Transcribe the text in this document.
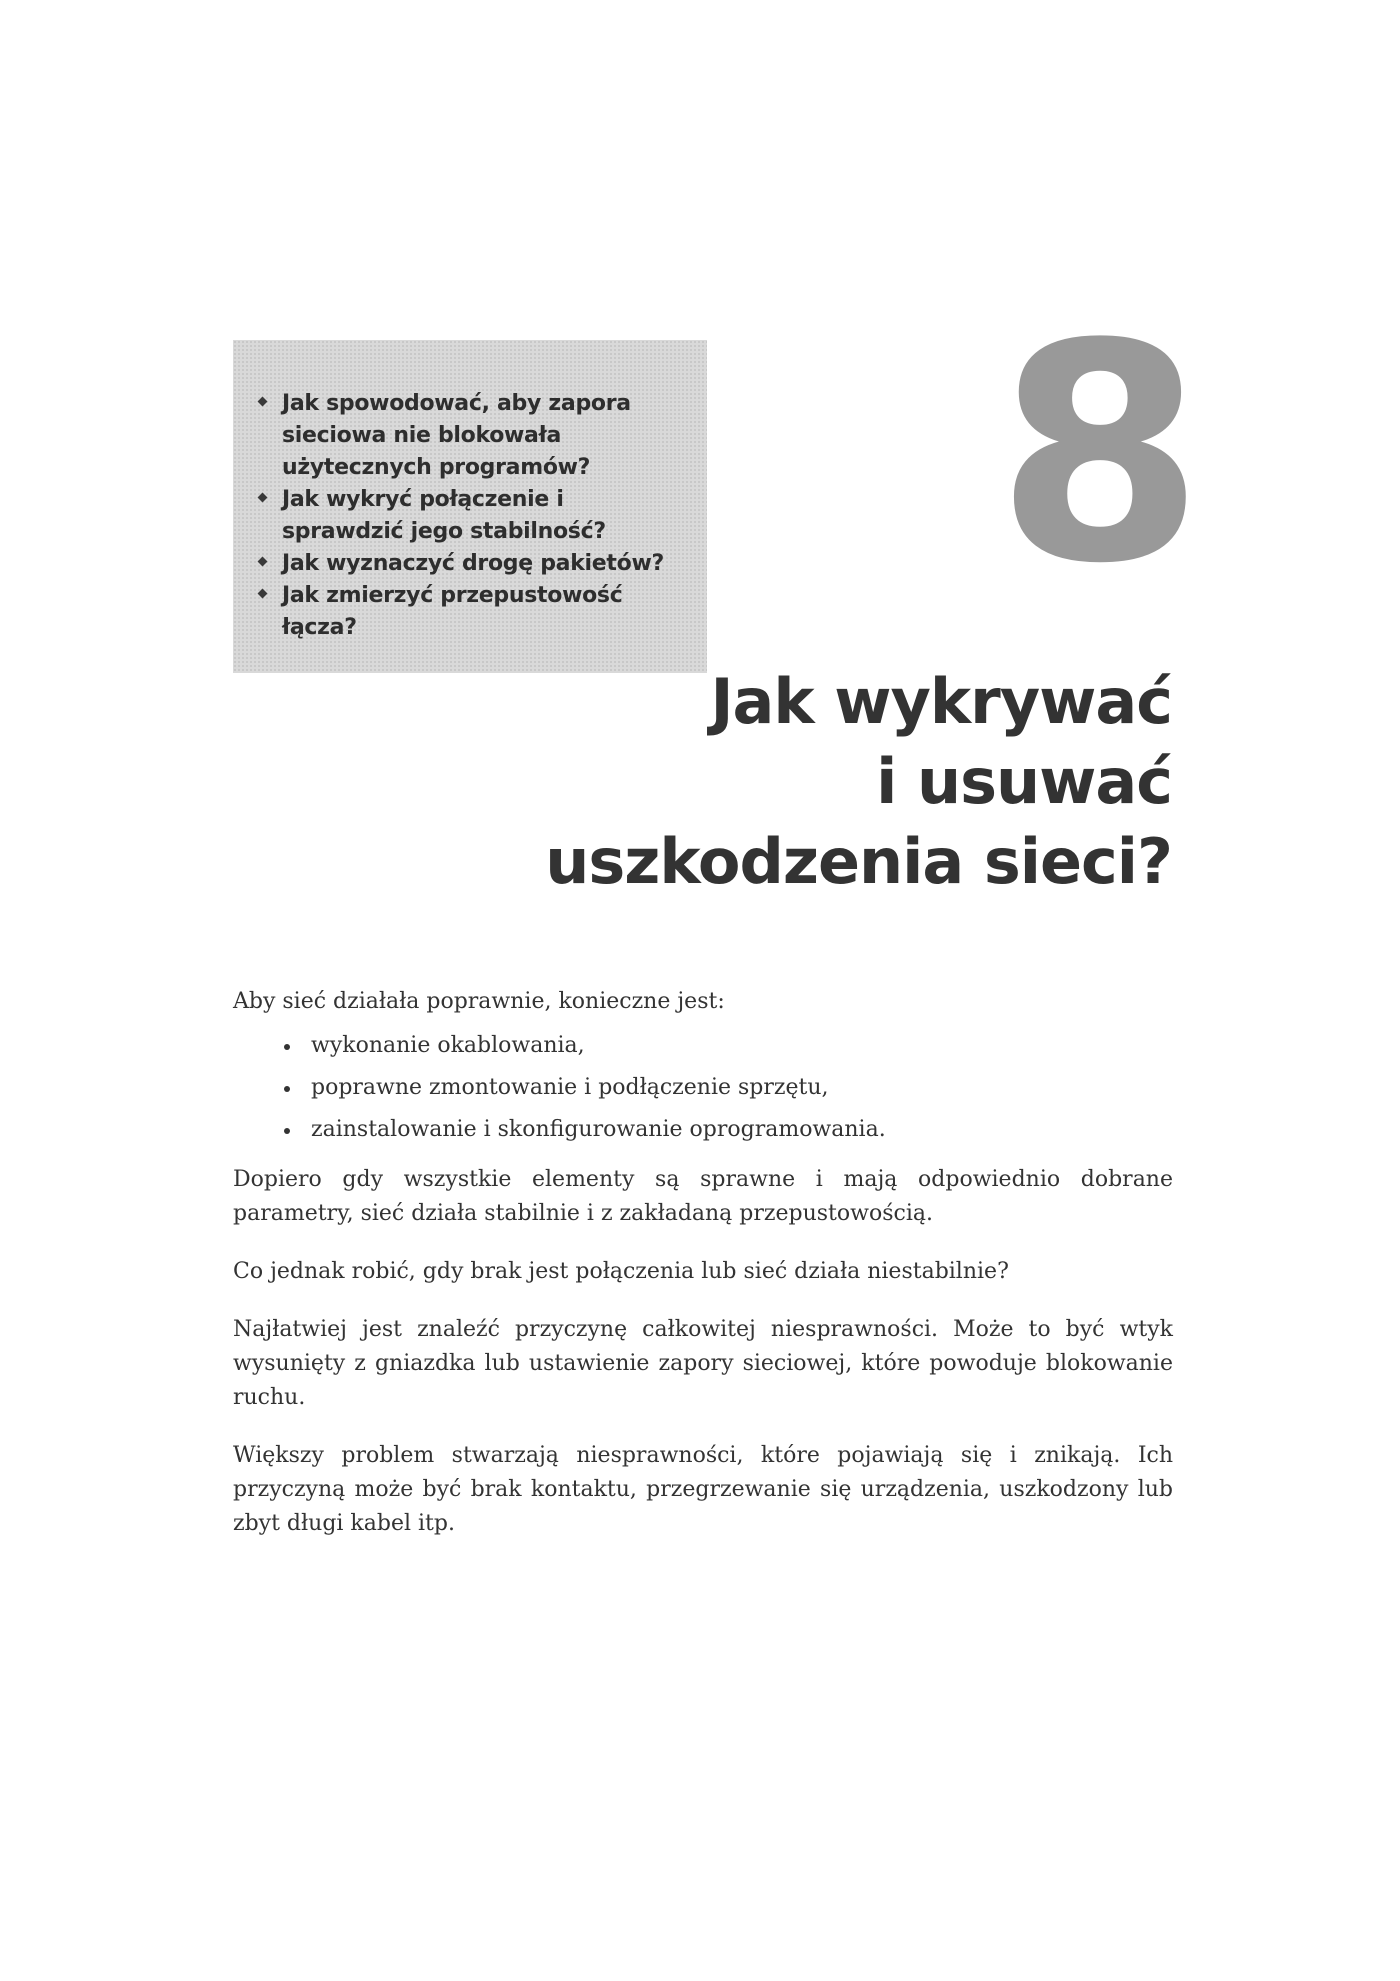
Jak spowodować, aby zapora sieciowa nie blokowała użytecznych programów?
Jak wykryć połączenie i sprawdzić jego stabilność?
Jak wyznaczyć drogę pakietów?
Jak zmierzyć przepustowość łącza?	8
Jak wykrywać
i usuwać
uszkodzenia sieci?

Aby sieć działała poprawnie, konieczne jest:

wykonanie okablowania,
poprawne zmontowanie i podłączenie sprzętu,
zainstalowanie i skonfigurowanie oprogramowania.

Dopiero gdy wszystkie elementy są sprawne i mają odpowiednio dobrane parametry, sieć działa stabilnie i z zakładaną przepustowością.

Co jednak robić, gdy brak jest połączenia lub sieć działa niestabilnie?

Najłatwiej jest znaleźć przyczynę całkowitej niesprawności. Może to być wtyk wysunięty z gniazdka lub ustawienie zapory sieciowej, które powoduje blokowanie ruchu.

Większy problem stwarzają niesprawności, które pojawiają się i znikają. Ich przyczyną może być brak kontaktu, przegrzewanie się urządzenia, uszkodzony lub zbyt długi kabel itp.
